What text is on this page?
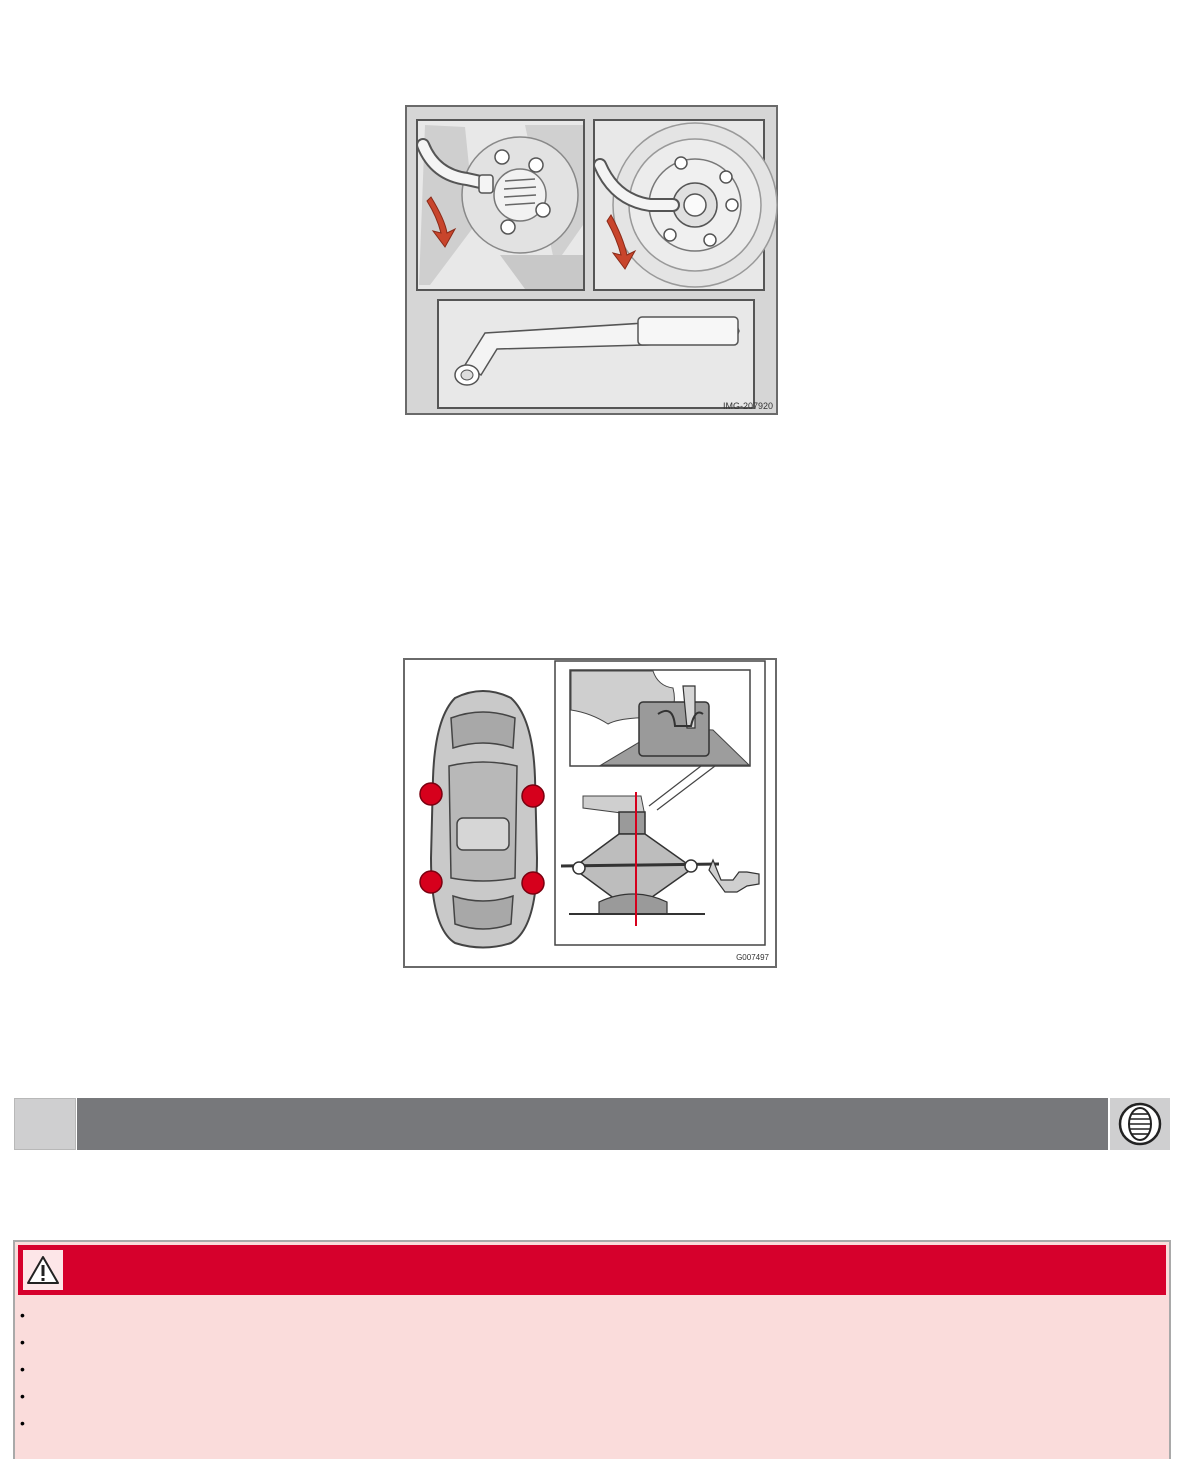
IMG-207920
G007497
•
•
•
•
•
